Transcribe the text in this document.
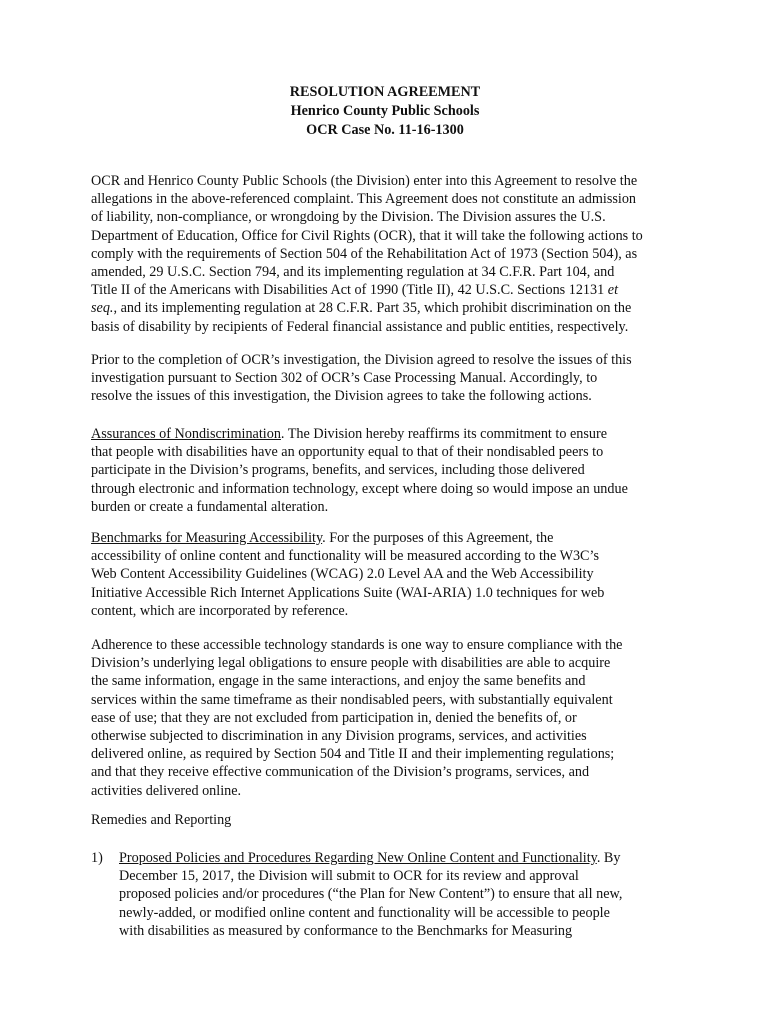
RESOLUTION AGREEMENT
Henrico County Public Schools
OCR Case No. 11-16-1300
OCR and Henrico County Public Schools (the Division) enter into this Agreement to resolve the
allegations in the above-referenced complaint. This Agreement does not constitute an admission
of liability, non-compliance, or wrongdoing by the Division. The Division assures the U.S.
Department of Education, Office for Civil Rights (OCR), that it will take the following actions to
comply with the requirements of Section 504 of the Rehabilitation Act of 1973 (Section 504), as
amended, 29 U.S.C. Section 794, and its implementing regulation at 34 C.F.R. Part 104, and
Title II of the Americans with Disabilities Act of 1990 (Title II), 42 U.S.C. Sections 12131 et
seq., and its implementing regulation at 28 C.F.R. Part 35, which prohibit discrimination on the
basis of disability by recipients of Federal financial assistance and public entities, respectively.
Prior to the completion of OCR’s investigation, the Division agreed to resolve the issues of this
investigation pursuant to Section 302 of OCR’s Case Processing Manual. Accordingly, to
resolve the issues of this investigation, the Division agrees to take the following actions.
Assurances of Nondiscrimination. The Division hereby reaffirms its commitment to ensure
that people with disabilities have an opportunity equal to that of their nondisabled peers to
participate in the Division’s programs, benefits, and services, including those delivered
through electronic and information technology, except where doing so would impose an undue
burden or create a fundamental alteration.
Benchmarks for Measuring Accessibility. For the purposes of this Agreement, the
accessibility of online content and functionality will be measured according to the W3C’s
Web Content Accessibility Guidelines (WCAG) 2.0 Level AA and the Web Accessibility
Initiative Accessible Rich Internet Applications Suite (WAI-ARIA) 1.0 techniques for web
content, which are incorporated by reference.
Adherence to these accessible technology standards is one way to ensure compliance with the
Division’s underlying legal obligations to ensure people with disabilities are able to acquire
the same information, engage in the same interactions, and enjoy the same benefits and
services within the same timeframe as their nondisabled peers, with substantially equivalent
ease of use; that they are not excluded from participation in, denied the benefits of, or
otherwise subjected to discrimination in any Division programs, services, and activities
delivered online, as required by Section 504 and Title II and their implementing regulations;
and that they receive effective communication of the Division’s programs, services, and
activities delivered online.
Remedies and Reporting
1) Proposed Policies and Procedures Regarding New Online Content and Functionality. By
December 15, 2017, the Division will submit to OCR for its review and approval
proposed policies and/or procedures (“the Plan for New Content”) to ensure that all new,
newly-added, or modified online content and functionality will be accessible to people
with disabilities as measured by conformance to the Benchmarks for Measuring
